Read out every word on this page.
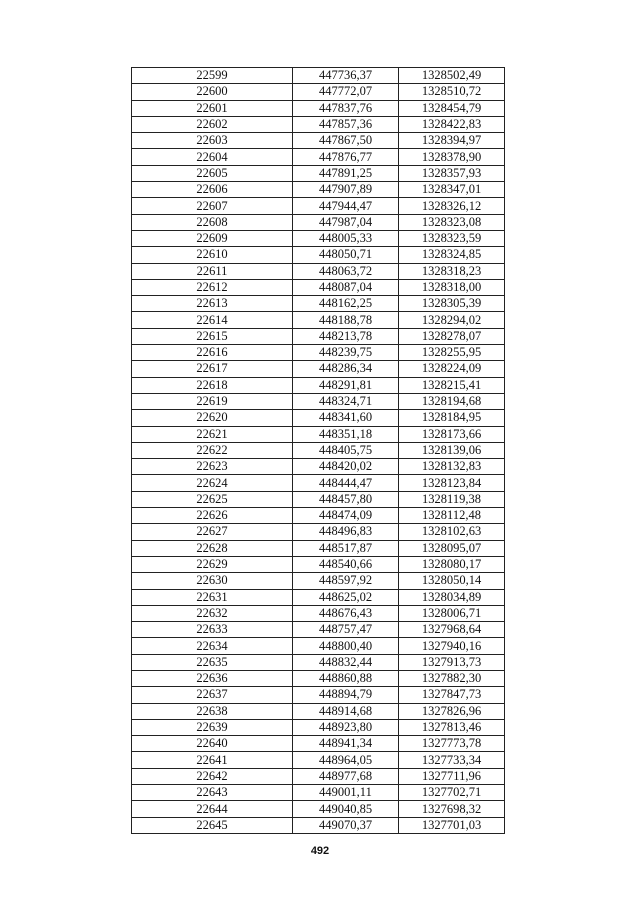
22599	447736,37	1328502,49
22600	447772,07	1328510,72
22601	447837,76	1328454,79
22602	447857,36	1328422,83
22603	447867,50	1328394,97
22604	447876,77	1328378,90
22605	447891,25	1328357,93
22606	447907,89	1328347,01
22607	447944,47	1328326,12
22608	447987,04	1328323,08
22609	448005,33	1328323,59
22610	448050,71	1328324,85
22611	448063,72	1328318,23
22612	448087,04	1328318,00
22613	448162,25	1328305,39
22614	448188,78	1328294,02
22615	448213,78	1328278,07
22616	448239,75	1328255,95
22617	448286,34	1328224,09
22618	448291,81	1328215,41
22619	448324,71	1328194,68
22620	448341,60	1328184,95
22621	448351,18	1328173,66
22622	448405,75	1328139,06
22623	448420,02	1328132,83
22624	448444,47	1328123,84
22625	448457,80	1328119,38
22626	448474,09	1328112,48
22627	448496,83	1328102,63
22628	448517,87	1328095,07
22629	448540,66	1328080,17
22630	448597,92	1328050,14
22631	448625,02	1328034,89
22632	448676,43	1328006,71
22633	448757,47	1327968,64
22634	448800,40	1327940,16
22635	448832,44	1327913,73
22636	448860,88	1327882,30
22637	448894,79	1327847,73
22638	448914,68	1327826,96
22639	448923,80	1327813,46
22640	448941,34	1327773,78
22641	448964,05	1327733,34
22642	448977,68	1327711,96
22643	449001,11	1327702,71
22644	449040,85	1327698,32
22645	449070,37	1327701,03
492
